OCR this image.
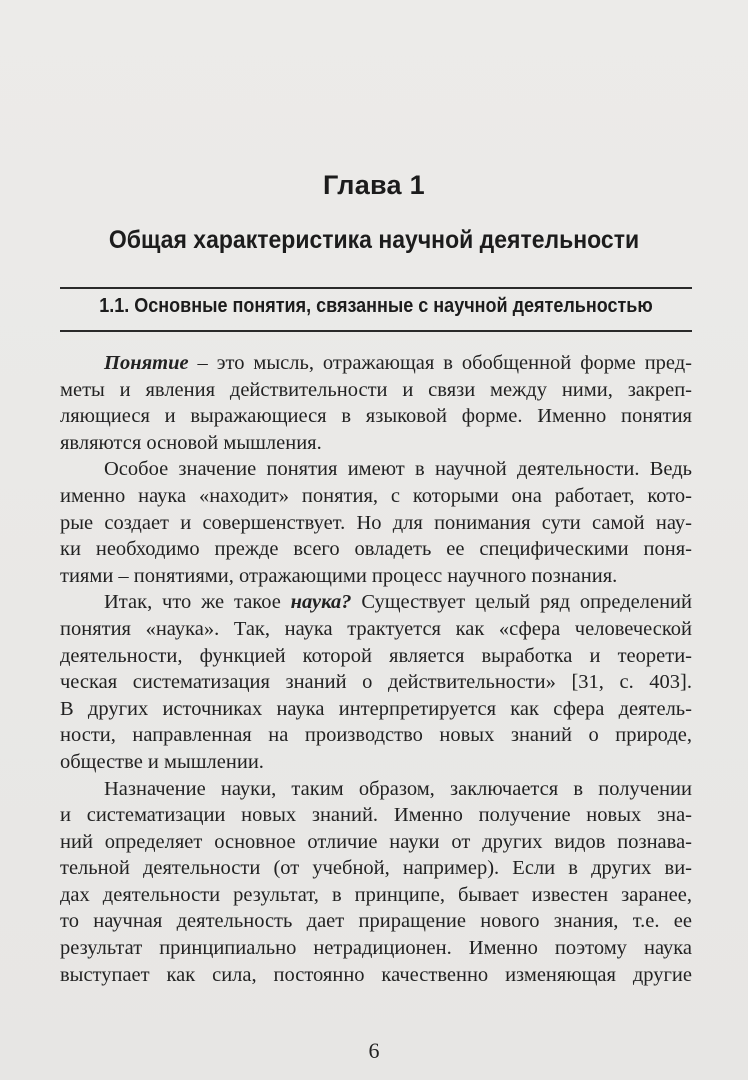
Глава 1
Общая характеристика научной деятельности
1.1. Основные понятия, связанные с научной деятельностью
Понятие – это мысль, отражающая в обобщенной форме пред-
меты и явления действительности и связи между ними, закреп-
ляющиеся и выражающиеся в языковой форме. Именно понятия
являются основой мышления.
Особое значение понятия имеют в научной деятельности. Ведь
именно наука «находит» понятия, с которыми она работает, кото-
рые создает и совершенствует. Но для понимания сути самой нау-
ки необходимо прежде всего овладеть ее специфическими поня-
тиями – понятиями, отражающими процесс научного познания.
Итак, что же такое наука? Существует целый ряд определений
понятия «наука». Так, наука трактуется как «сфера человеческой
деятельности, функцией которой является выработка и теорети-
ческая систематизация знаний о действительности» [31, с. 403].
В других источниках наука интерпретируется как сфера деятель-
ности, направленная на производство новых знаний о природе,
обществе и мышлении.
Назначение науки, таким образом, заключается в получении
и систематизации новых знаний. Именно получение новых зна-
ний определяет основное отличие науки от других видов познава-
тельной деятельности (от учебной, например). Если в других ви-
дах деятельности результат, в принципе, бывает известен заранее,
то научная деятельность дает приращение нового знания, т.е. ее
результат принципиально нетрадиционен. Именно поэтому наука
выступает как сила, постоянно качественно изменяющая другие
6
